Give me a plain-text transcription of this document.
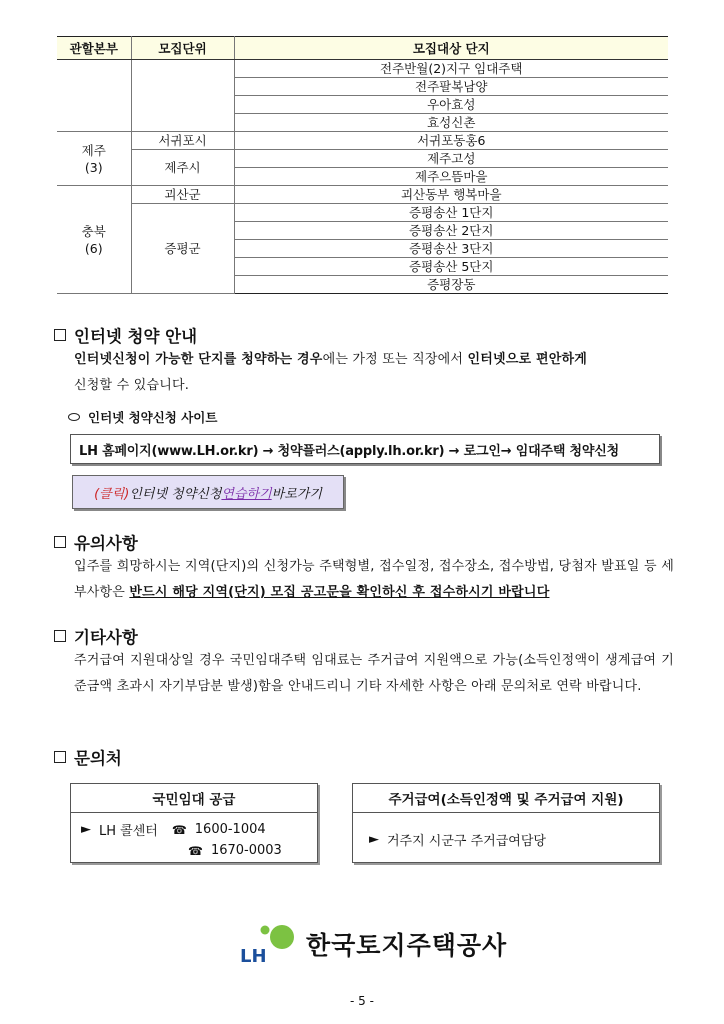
관할본부	모집단위	모집대상 단지
		전주반월(2)지구 임대주택
		전주팔복남양
		우아효성
		효성신촌
제주
(3)	서귀포시	서귀포동홍6
	제주시	제주고성
		제주으뜸마을
충북
(6)	괴산군	괴산동부 행복마을
	증평군	증평송산 1단지
		증평송산 2단지
		증평송산 3단지
		증평송산 5단지
		증평장동
인터넷 청약 안내
인터넷신청이 가능한 단지를 청약하는 경우에는 가정 또는 직장에서 인터넷으로 편안하게
신청할 수 있습니다.
인터넷 청약신청 사이트
LH 홈페이지(www.LH.or.kr) → 청약플러스(apply.lh.or.kr) → 로그인→ 임대주택 청약신청
(클릭) 인터넷 청약신청 연습하기 바로가기
유의사항
입주를 희망하시는 지역(단지)의 신청가능 주택형별, 접수일정, 접수장소, 접수방법, 당첨자 발표일 등 세부사항은 반드시 해당 지역(단지) 모집 공고문을 확인하신 후 접수하시기 바랍니다
기타사항
주거급여 지원대상일 경우 국민임대주택 임대료는 주거급여 지원액으로 가능(소득인정액이 생계급여 기준금액 초과시 자기부담분 발생)함을 안내드리니 기타 자세한 사항은 아래 문의처로 연락 바랍니다.
문의처
국민임대 공급
► LH 콜센터 ☎ 1600-1004
☎ 1670-0003
주거급여(소득인정액 및 주거급여 지원)
► 거주지 시군구 주거급여담당
LH 한국토지주택공사
- 5 -
